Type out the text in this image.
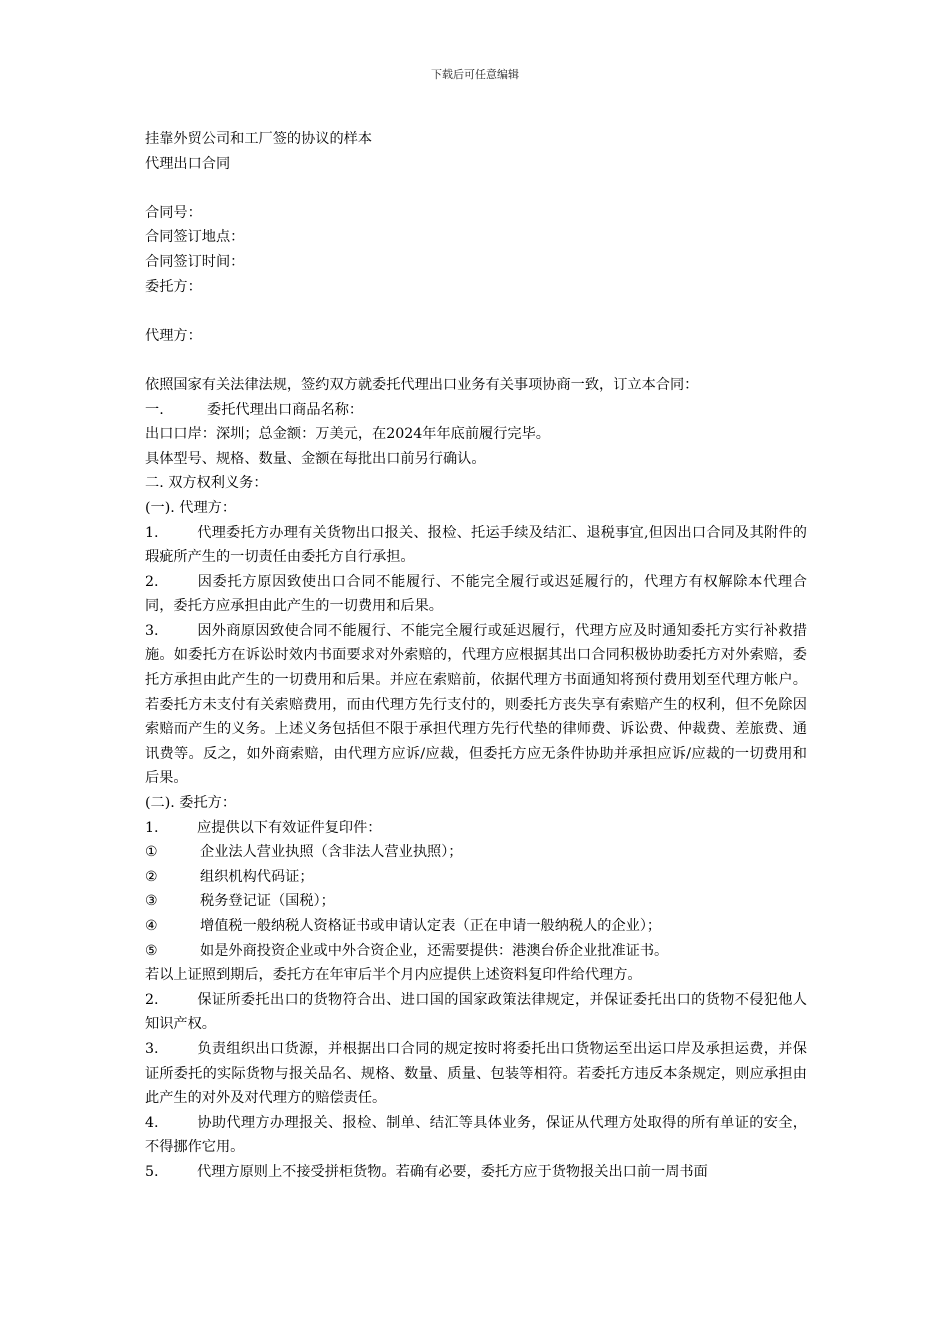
下载后可任意编辑

挂靠外贸公司和工厂签的协议的样本

代理出口合同

合同号：

合同签订地点：

合同签订时间：

委托方：

代理方：

依照国家有关法律法规，签约双方就委托代理出口业务有关事项协商一致，订立本合同：

一.	委托代理出口商品名称：

出口口岸：深圳；总金额：万美元，在2024年年底前履行完毕。

具体型号、规格、数量、金额在每批出口前另行确认。

二. 双方权利义务：

(一). 代理方：

1.	代理委托方办理有关货物出口报关、报检、托运手续及结汇、退税事宜,但因出口合同及其附件的瑕疵所产生的一切责任由委托方自行承担。

2.	因委托方原因致使出口合同不能履行、不能完全履行或迟延履行的，代理方有权解除本代理合同，委托方应承担由此产生的一切费用和后果。

3.	因外商原因致使合同不能履行、不能完全履行或延迟履行，代理方应及时通知委托方实行补救措施。如委托方在诉讼时效内书面要求对外索赔的，代理方应根据其出口合同积极协助委托方对外索赔，委托方承担由此产生的一切费用和后果。并应在索赔前，依据代理方书面通知将预付费用划至代理方帐户。若委托方未支付有关索赔费用，而由代理方先行支付的，则委托方丧失享有索赔产生的权利，但不免除因索赔而产生的义务。上述义务包括但不限于承担代理方先行代垫的律师费、诉讼费、仲裁费、差旅费、通讯费等。反之，如外商索赔，由代理方应诉/应裁，但委托方应无条件协助并承担应诉/应裁的一切费用和后果。

(二). 委托方：

1.	应提供以下有效证件复印件：

①	企业法人营业执照（含非法人营业执照）；

②	组织机构代码证；

③	税务登记证（国税）；

④	增值税一般纳税人资格证书或申请认定表（正在申请一般纳税人的企业）；

⑤	如是外商投资企业或中外合资企业，还需要提供：港澳台侨企业批准证书。

若以上证照到期后，委托方在年审后半个月内应提供上述资料复印件给代理方。

2.	保证所委托出口的货物符合出、进口国的国家政策法律规定，并保证委托出口的货物不侵犯他人知识产权。

3.	负责组织出口货源，并根据出口合同的规定按时将委托出口货物运至出运口岸及承担运费，并保证所委托的实际货物与报关品名、规格、数量、质量、包装等相符。若委托方违反本条规定，则应承担由此产生的对外及对代理方的赔偿责任。

4.	协助代理方办理报关、报检、制单、结汇等具体业务，保证从代理方处取得的所有单证的安全，不得挪作它用。

5.	代理方原则上不接受拼柜货物。若确有必要，委托方应于货物报关出口前一周书面
